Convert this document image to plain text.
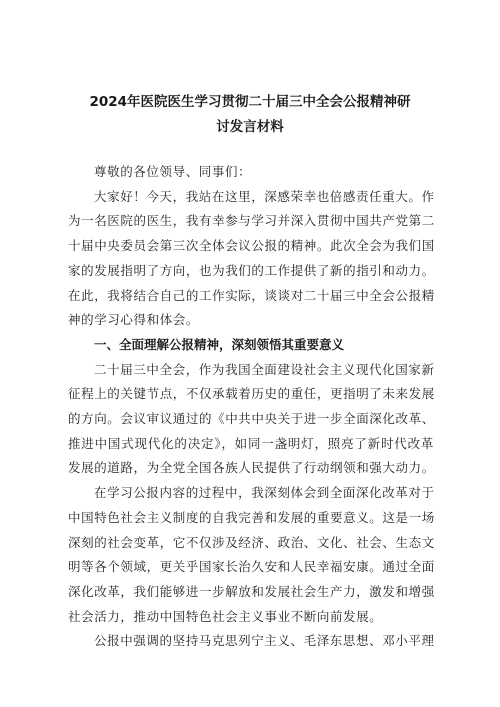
2024年医院医生学习贯彻二十届三中全会公报精神研
讨发言材料

尊敬的各位领导、同事们：

大家好！今天，我站在这里，深感荣幸也倍感责任重大。作

为一名医院的医生，我有幸参与学习并深入贯彻中国共产党第二

十届中央委员会第三次全体会议公报的精神。此次全会为我们国

家的发展指明了方向，也为我们的工作提供了新的指引和动力。

在此，我将结合自己的工作实际，谈谈对二十届三中全会公报精

神的学习心得和体会。

一、全面理解公报精神，深刻领悟其重要意义

二十届三中全会，作为我国全面建设社会主义现代化国家新

征程上的关键节点，不仅承载着历史的重任，更指明了未来发展

的方向。会议审议通过的《中共中央关于进一步全面深化改革、

推进中国式现代化的决定》，如同一盏明灯，照亮了新时代改革

发展的道路，为全党全国各族人民提供了行动纲领和强大动力。

在学习公报内容的过程中，我深刻体会到全面深化改革对于

中国特色社会主义制度的自我完善和发展的重要意义。这是一场

深刻的社会变革，它不仅涉及经济、政治、文化、社会、生态文

明等各个领域，更关乎国家长治久安和人民幸福安康。通过全面

深化改革，我们能够进一步解放和发展社会生产力，激发和增强

社会活力，推动中国特色社会主义事业不断向前发展。

公报中强调的坚持马克思列宁主义、毛泽东思想、邓小平理
